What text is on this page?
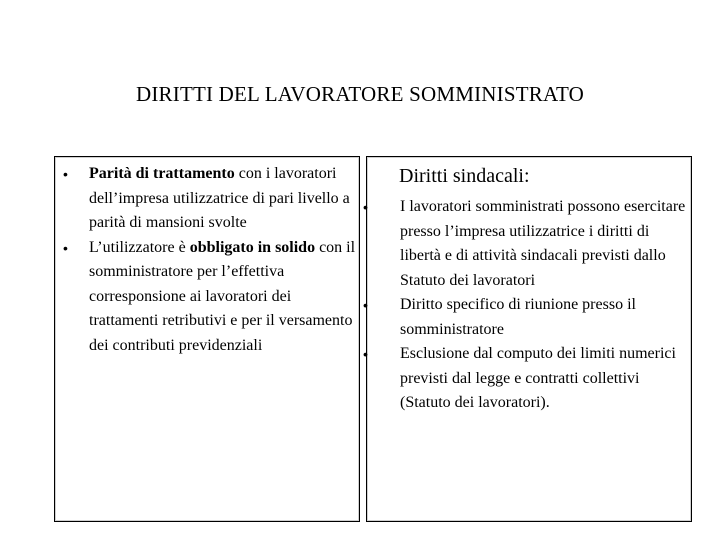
DIRITTI DEL LAVORATORE SOMMINISTRATO
• Parità di trattamento con i lavoratori dell’impresa utilizzatrice di pari livello a parità di mansioni svolte
• L’utilizzatore è obbligato in solido con il somministratore per l’effettiva corresponsione ai lavoratori dei trattamenti retributivi e per il versamento dei contributi previdenziali
Diritti sindacali:
• I lavoratori somministrati possono esercitare presso l’impresa utilizzatrice i diritti di libertà e di attività sindacali previsti dallo Statuto dei lavoratori
• Diritto specifico di riunione presso il somministratore
• Esclusione dal computo dei limiti numerici previsti dal legge e contratti collettivi (Statuto dei lavoratori).
